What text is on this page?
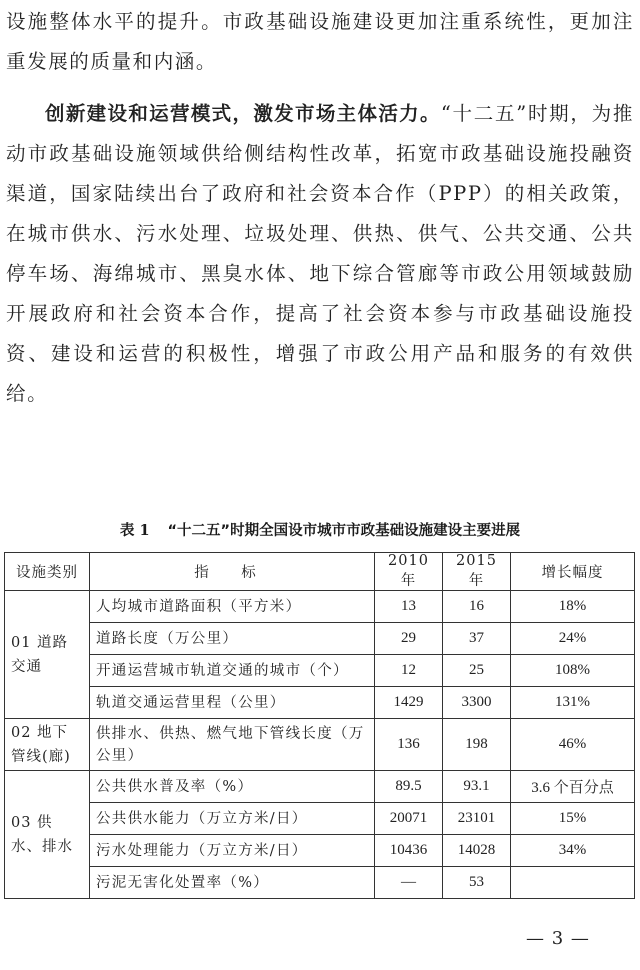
设施整体水平的提升。市政基础设施建设更加注重系统性，更加注重发展的质量和内涵。

创新建设和运营模式，激发市场主体活力。“十二五”时期，为推动市政基础设施领域供给侧结构性改革，拓宽市政基础设施投融资渠道，国家陆续出台了政府和社会资本合作（PPP）的相关政策，在城市供水、污水处理、垃圾处理、供热、供气、公共交通、公共停车场、海绵城市、黑臭水体、地下综合管廊等市政公用领域鼓励开展政府和社会资本合作，提高了社会资本参与市政基础设施投资、建设和运营的积极性，增强了市政公用产品和服务的有效供给。

表 1 “十二五”时期全国设市城市市政基础设施建设主要进展
设施类别	指 标	2010 年	2015 年	增长幅度
01 道路交通	人均城市道路面积（平方米）	13	16	18%
	道路长度（万公里）	29	37	24%
	开通运营城市轨道交通的城市（个）	12	25	108%
	轨道交通运营里程（公里）	1429	3300	131%
02 地下管线(廊)	供排水、供热、燃气地下管线长度（万公里）	136	198	46%
03 供水、排水	公共供水普及率（%）	89.5	93.1	3.6 个百分点
	公共供水能力（万立方米/日）	20071	23101	15%
	污水处理能力（万立方米/日）	10436	14028	34%
	污泥无害化处置率（%）	—	53	
— 3 —
